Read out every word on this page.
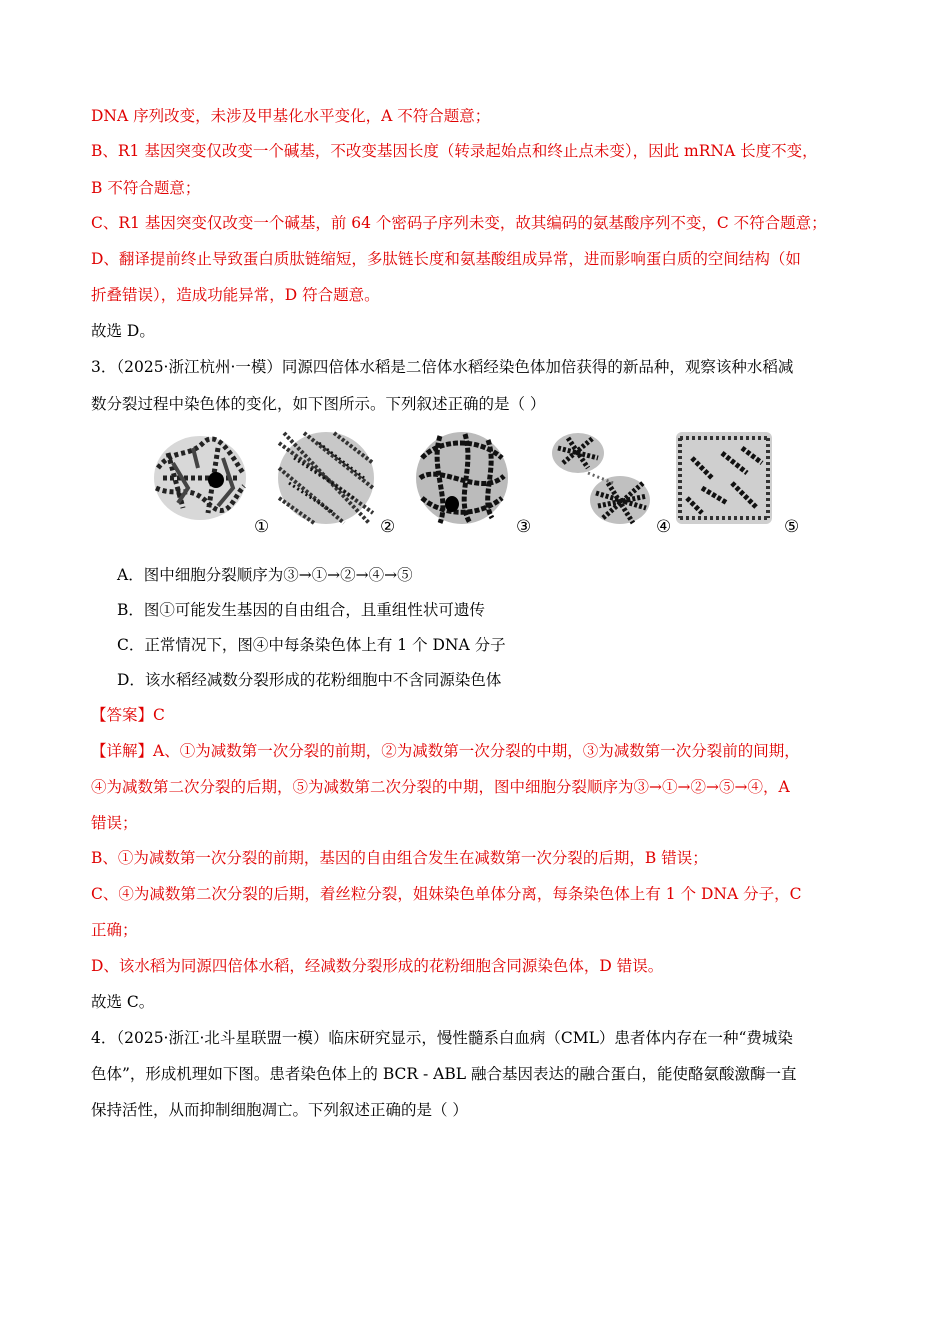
DNA 序列改变，未涉及甲基化水平变化，A 不符合题意；
B、R1 基因突变仅改变一个碱基，不改变基因长度（转录起始点和终止点未变），因此 mRNA 长度不变，
B 不符合题意；
C、R1 基因突变仅改变一个碱基，前 64 个密码子序列未变，故其编码的氨基酸序列不变，C 不符合题意；
D、翻译提前终止导致蛋白质肽链缩短，多肽链长度和氨基酸组成异常，进而影响蛋白质的空间结构（如
折叠错误），造成功能异常，D 符合题意。
故选 D。
3．（2025·浙江杭州·一模）同源四倍体水稻是二倍体水稻经染色体加倍获得的新品种，观察该种水稻减
数分裂过程中染色体的变化，如下图所示。下列叙述正确的是（ ）
①	②	③	④	⑤
A．图中细胞分裂顺序为③→①→②→④→⑤
B．图①可能发生基因的自由组合，且重组性状可遗传
C．正常情况下，图④中每条染色体上有 1 个 DNA 分子
D．该水稻经减数分裂形成的花粉细胞中不含同源染色体
【答案】C
【详解】A、①为减数第一次分裂的前期，②为减数第一次分裂的中期，③为减数第一次分裂前的间期，
④为减数第二次分裂的后期，⑤为减数第二次分裂的中期，图中细胞分裂顺序为③→①→②→⑤→④，A
错误；
B、①为减数第一次分裂的前期，基因的自由组合发生在减数第一次分裂的后期，B 错误；
C、④为减数第二次分裂的后期，着丝粒分裂，姐妹染色单体分离，每条染色体上有 1 个 DNA 分子，C
正确；
D、该水稻为同源四倍体水稻，经减数分裂形成的花粉细胞含同源染色体，D 错误。
故选 C。
4．（2025·浙江·北斗星联盟一模）临床研究显示，慢性髓系白血病（CML）患者体内存在一种“费城染
色体”，形成机理如下图。患者染色体上的 BCR - ABL 融合基因表达的融合蛋白，能使酪氨酸激酶一直
保持活性，从而抑制细胞凋亡。下列叙述正确的是（ ）
